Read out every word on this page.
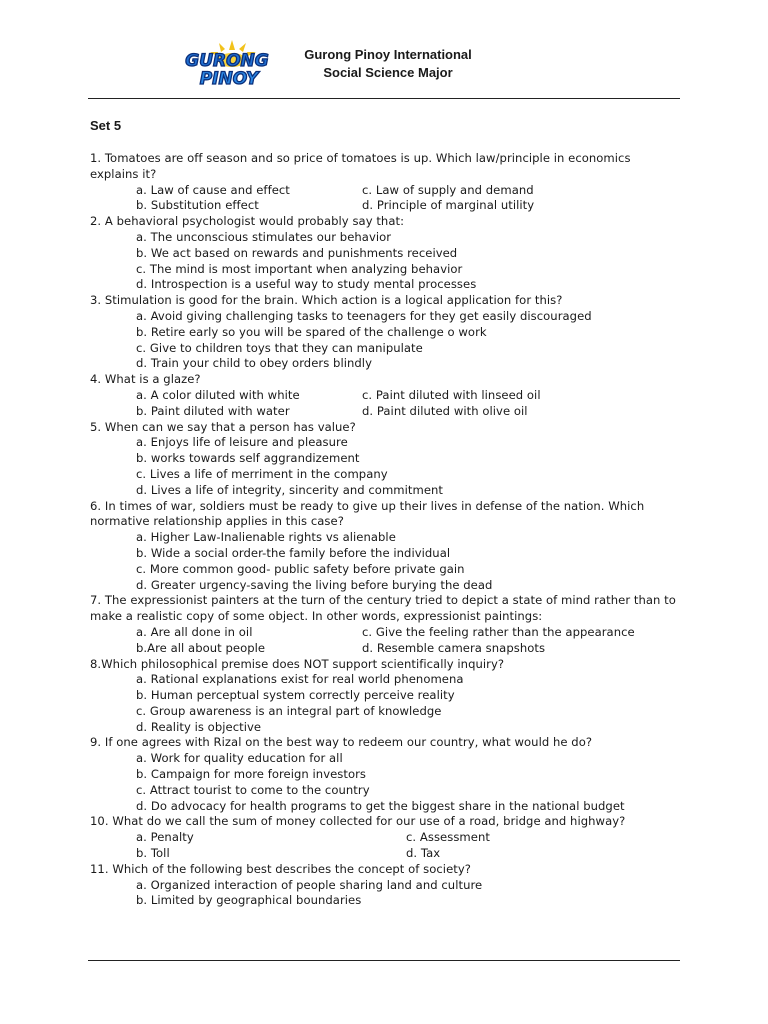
GURONG
PINOY
Gurong Pinoy International
Social Science Major
Set 5
1. Tomatoes are off season and so price of tomatoes is up. Which law/principle in economics explains it?
a. Law of cause and effect	c. Law of supply and demand
b. Substitution effect	d. Principle of marginal utility
2. A behavioral psychologist would probably say that:
a. The unconscious stimulates our behavior
b. We act based on rewards and punishments received
c. The mind is most important when analyzing behavior
d. Introspection is a useful way to study mental processes
3. Stimulation is good for the brain. Which action is a logical application for this?
a. Avoid giving challenging tasks to teenagers for they get easily discouraged
b. Retire early so you will be spared of the challenge o work
c. Give to children toys that they can manipulate
d. Train your child to obey orders blindly
4. What is a glaze?
a. A color diluted with white	c. Paint diluted with linseed oil
b. Paint diluted with water	d. Paint diluted with olive oil
5. When can we say that a person has value?
a. Enjoys life of leisure and pleasure
b. works towards self aggrandizement
c. Lives a life of merriment in the company
d. Lives a life of integrity, sincerity and commitment
6. In times of war, soldiers must be ready to give up their lives in defense of the nation. Which normative relationship applies in this case?
a. Higher Law-Inalienable rights vs alienable
b. Wide a social order-the family before the individual
c. More common good- public safety before private gain
d. Greater urgency-saving the living before burying the dead
7. The expressionist painters at the turn of the century tried to depict a state of mind rather than to make a realistic copy of some object. In other words, expressionist paintings:
a. Are all done in oil	c. Give the feeling rather than the appearance
b.Are all about people	d. Resemble camera snapshots
8.Which philosophical premise does NOT support scientifically inquiry?
a. Rational explanations exist for real world phenomena
b. Human perceptual system correctly perceive reality
c. Group awareness is an integral part of knowledge
d. Reality is objective
9. If one agrees with Rizal on the best way to redeem our country, what would he do?
a. Work for quality education for all
b. Campaign for more foreign investors
c. Attract tourist to come to the country
d. Do advocacy for health programs to get the biggest share in the national budget
10. What do we call the sum of money collected for our use of a road, bridge and highway?
a. Penalty	c. Assessment
b. Toll	d. Tax
11. Which of the following best describes the concept of society?
a. Organized interaction of people sharing land and culture
b. Limited by geographical boundaries
